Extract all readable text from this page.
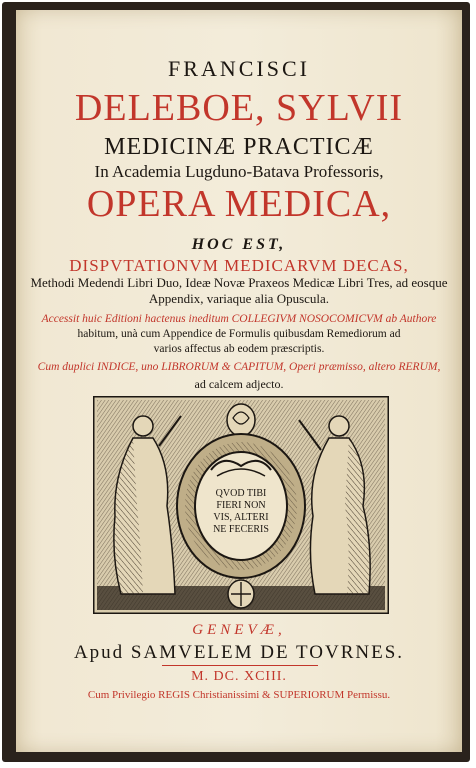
FRANCISCI
DELEBOE, SYLVII
MEDICINÆ PRACTICÆ
In Academia Lugduno-Batava Professoris,
OPERA MEDICA,
HOC EST,
DISPVTATIONVM MEDICARVM DECAS,
Methodi Medendi Libri Duo, Ideæ Novæ Praxeos Medicæ Libri Tres, ad eosque
Appendix, variaque alia Opuscula.
Accessit huic Editioni hactenus ineditum COLLEGIVM NOSOCOMICVM ab Authore
habitum, unà cum Appendice de Formulis quibusdam Remediorum ad
varios affectus ab eodem præscriptis.
Cum duplici INDICE, uno LIBRORUM & CAPITUM, Operi præmisso, altero RERUM,
ad calcem adjecto.
QVOD TIBI
FIERI NON
VIS, ALTERI
NE FECERIS
GENEVÆ,
Apud SAMVELEM DE TOVRNES.
M. DC. XCIII.
Cum Privilegio REGIS Christianissimi & SUPERIORUM Permissu.
